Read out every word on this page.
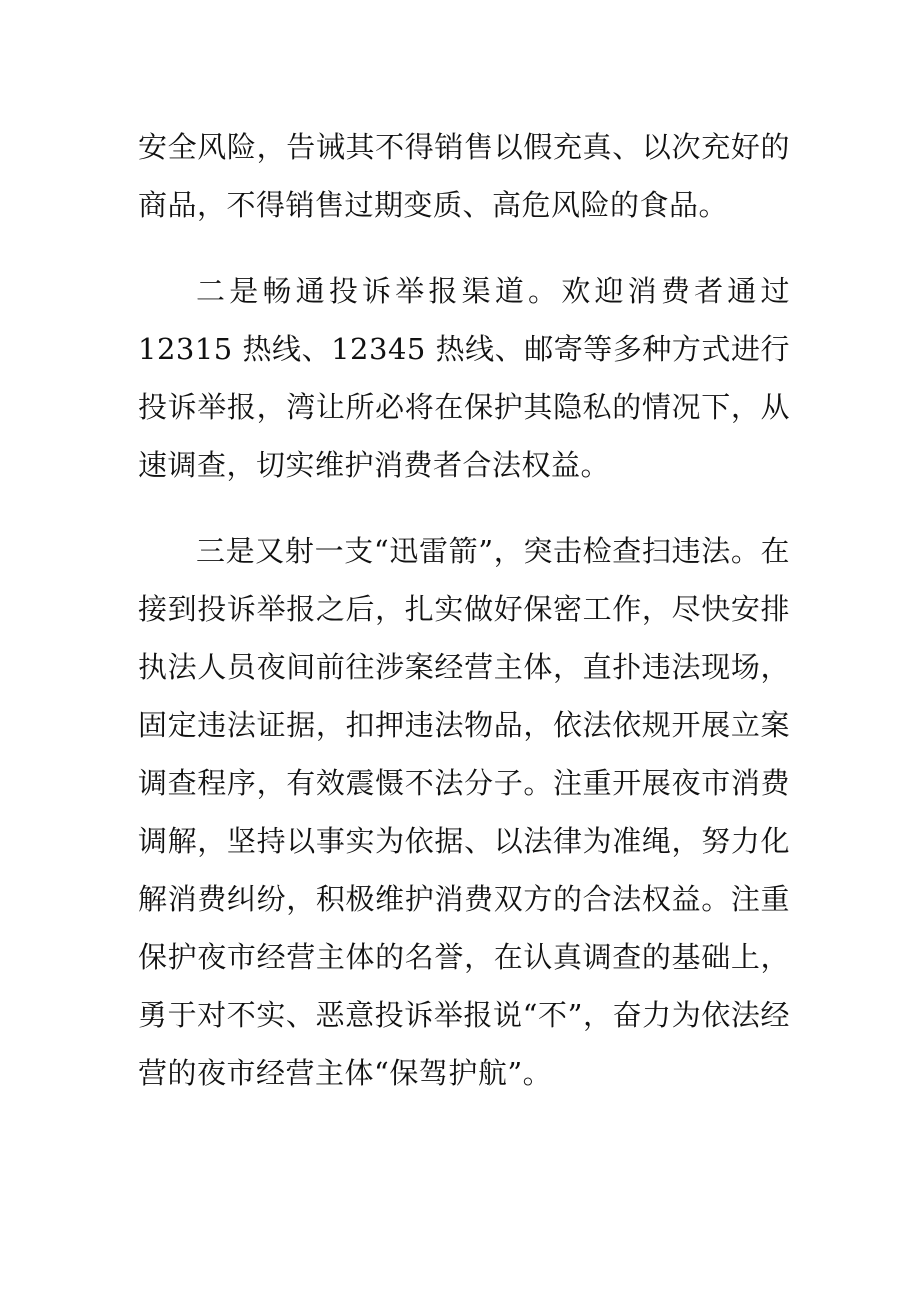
安全风险，告诫其不得销售以假充真、以次充好的商品，不得销售过期变质、高危风险的食品。

二是畅通投诉举报渠道。欢迎消费者通过 12315 热线、12345 热线、邮寄等多种方式进行投诉举报，湾让所必将在保护其隐私的情况下，从速调查，切实维护消费者合法权益。

三是又射一支“迅雷箭”，突击检查扫违法。在接到投诉举报之后，扎实做好保密工作，尽快安排执法人员夜间前往涉案经营主体，直扑违法现场，固定违法证据，扣押违法物品，依法依规开展立案调查程序，有效震慑不法分子。注重开展夜市消费调解，坚持以事实为依据、以法律为准绳，努力化解消费纠纷，积极维护消费双方的合法权益。注重保护夜市经营主体的名誉，在认真调查的基础上，勇于对不实、恶意投诉举报说“不”，奋力为依法经营的夜市经营主体“保驾护航”。
